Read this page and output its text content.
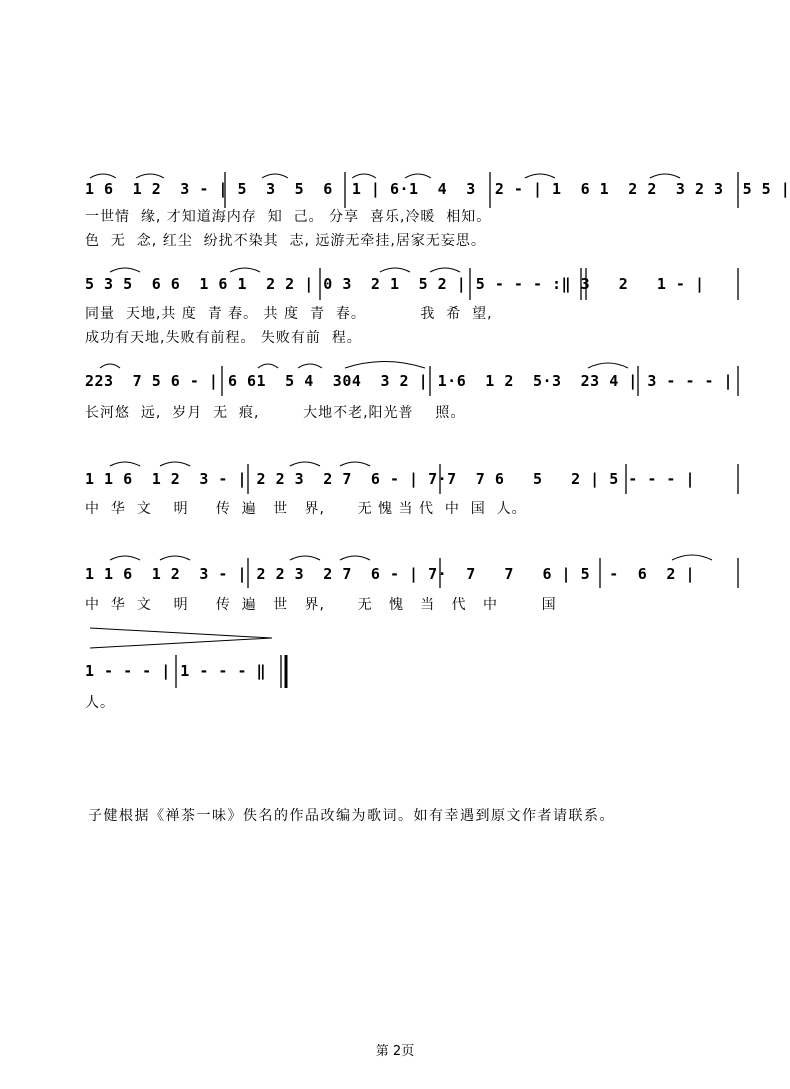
1 6  1 2  3 - | 5  3  5  6  1 | 6·1  4  3  2 - | 1  6 1  2 2  3 2 3  5 5 |
一世情  缘, 才知道海内存  知  己。 分享  喜乐,冷暖  相知。
色  无  念, 红尘  纷扰不染其  志, 远游无牵挂,居家无妄思。
5 3 5  6 6  1 6 1  2 2 | 0 3  2 1  5 2 | 5 - - - :‖ 3   2   1 - |
同量  天地,共 度  青 春。 共 度  青  春。          我  希  望,
成功有天地,失败有前程。 失败有前  程。
223  7 5 6 - | 6 61  5 4  304  3 2 | 1·6  1 2  5·3  23 4 | 3 - - - |
长河悠  远,  岁月  无  痕,        大地不老,阳光普    照。
1 1 6  1 2  3 - | 2 2 3  2 7  6 - | 7·7  7 6   5   2 | 5 - - - |
中  华  文    明     传  遍   世   界,      无 愧 当 代  中  国  人。
1 1 6  1 2  3 - | 2 2 3  2 7  6 - | 7·  7   7   6 | 5  -  6  2 |
中  华  文    明     传  遍   世   界,      无   愧   当   代   中        国
1 - - - | 1 - - - ‖
人。
子健根据《禅茶一味》佚名的作品改编为歌词。如有幸遇到原文作者请联系。
第 2页
